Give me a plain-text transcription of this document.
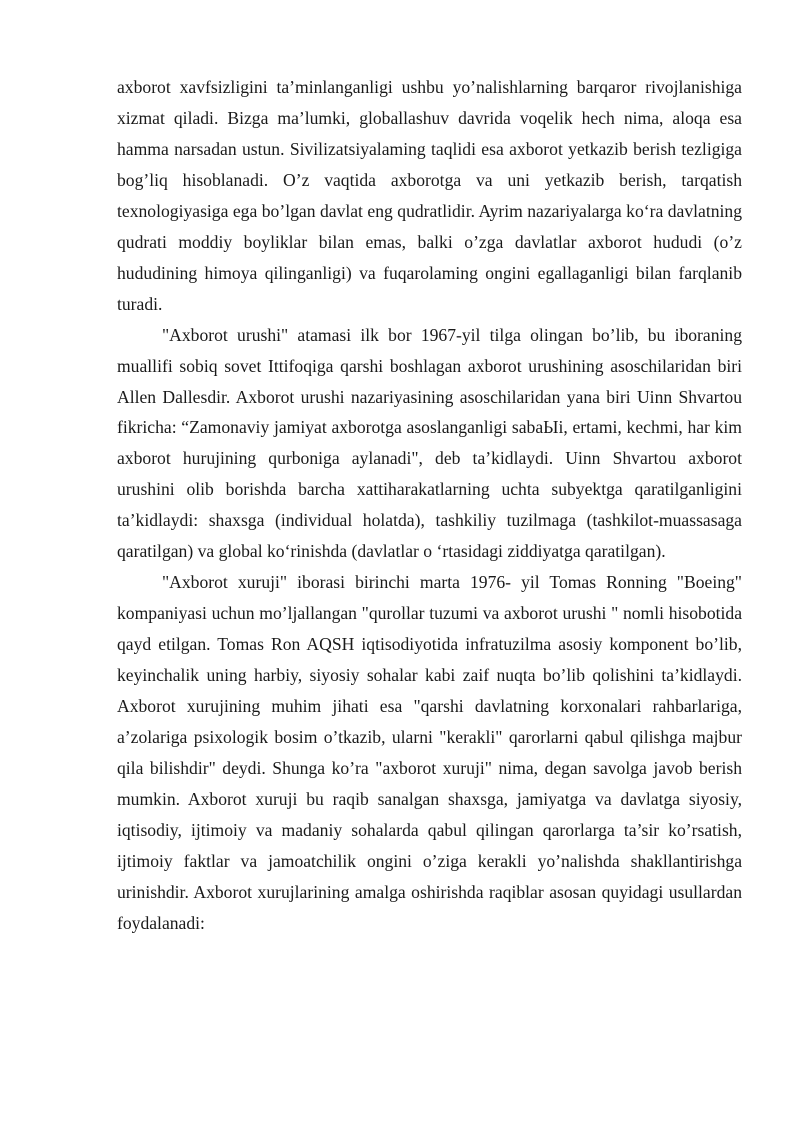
axborot xavfsizligini ta’minlanganligi ushbu yo’nalishlarning barqaror rivojlanishiga xizmat qiladi. Bizga ma’lumki, globallashuv davrida voqelik hech nima, aloqa esa hamma narsadan ustun. Sivilizatsiyalaming taqlidi esa axborot yetkazib berish tezligiga bog’liq hisoblanadi. O’z vaqtida axborotga va uni yetkazib berish, tarqatish texnologiyasiga ega bo’lgan davlat eng qudratlidir. Ayrim nazariyalarga ko‘ra davlatning qudrati moddiy boyliklar bilan emas, balki o’zga davlatlar axborot hududi (o’z hududining himoya qilinganligi) va fuqarolaming ongini egallaganligi bilan farqlanib turadi.

"Axborot urushi" atamasi ilk bor 1967-yil tilga olingan bo’lib, bu iboraning muallifi sobiq sovet Ittifoqiga qarshi boshlagan axborot urushining asoschilaridan biri Allen Dallesdir. Axborot urushi nazariyasining asoschilaridan yana biri Uinn Shvartou fikricha: “Zamonaviy jamiyat axborotga asoslanganligi sabaЫi, ertami, kechmi, har kim axborot hurujining qurboniga aylanadi", deb ta’kidlaydi. Uinn Shvartou axborot urushini olib borishda barcha xattiharakatlarning uchta subyektga qaratilganligini ta’kidlaydi: shaxsga (individual holatda), tashkiliy tuzilmaga (tashkilot-muassasaga qaratilgan) va global ko‘rinishda (davlatlar o ‘rtasidagi ziddiyatga qaratilgan).

"Axborot xuruji" iborasi birinchi marta 1976- yil Tomas Ronning "Boeing" kompaniyasi uchun mo’ljallangan "qurollar tuzumi va axborot urushi " nomli hisobotida qayd etilgan. Tomas Ron AQSH iqtisodiyotida infratuzilma asosiy komponent bo’lib, keyinchalik uning harbiy, siyosiy sohalar kabi zaif nuqta bo’lib qolishini ta’kidlaydi. Axborot xurujining muhim jihati esa "qarshi davlatning korxonalari rahbarlariga, a’zolariga psixologik bosim o’tkazib, ularni "kerakli" qarorlarni qabul qilishga majbur qila bilishdir" deydi. Shunga ko’ra "axborot xuruji" nima, degan savolga javob berish mumkin. Axborot xuruji bu raqib sanalgan shaxsga, jamiyatga va davlatga siyosiy, iqtisodiy, ijtimoiy va madaniy sohalarda qabul qilingan qarorlarga ta’sir ko’rsatish, ijtimoiy faktlar va jamoatchilik ongini o’ziga kerakli yo’nalishda shakllantirishga urinishdir. Axborot xurujlarining amalga oshirishda raqiblar asosan quyidagi usullardan foydalanadi:
